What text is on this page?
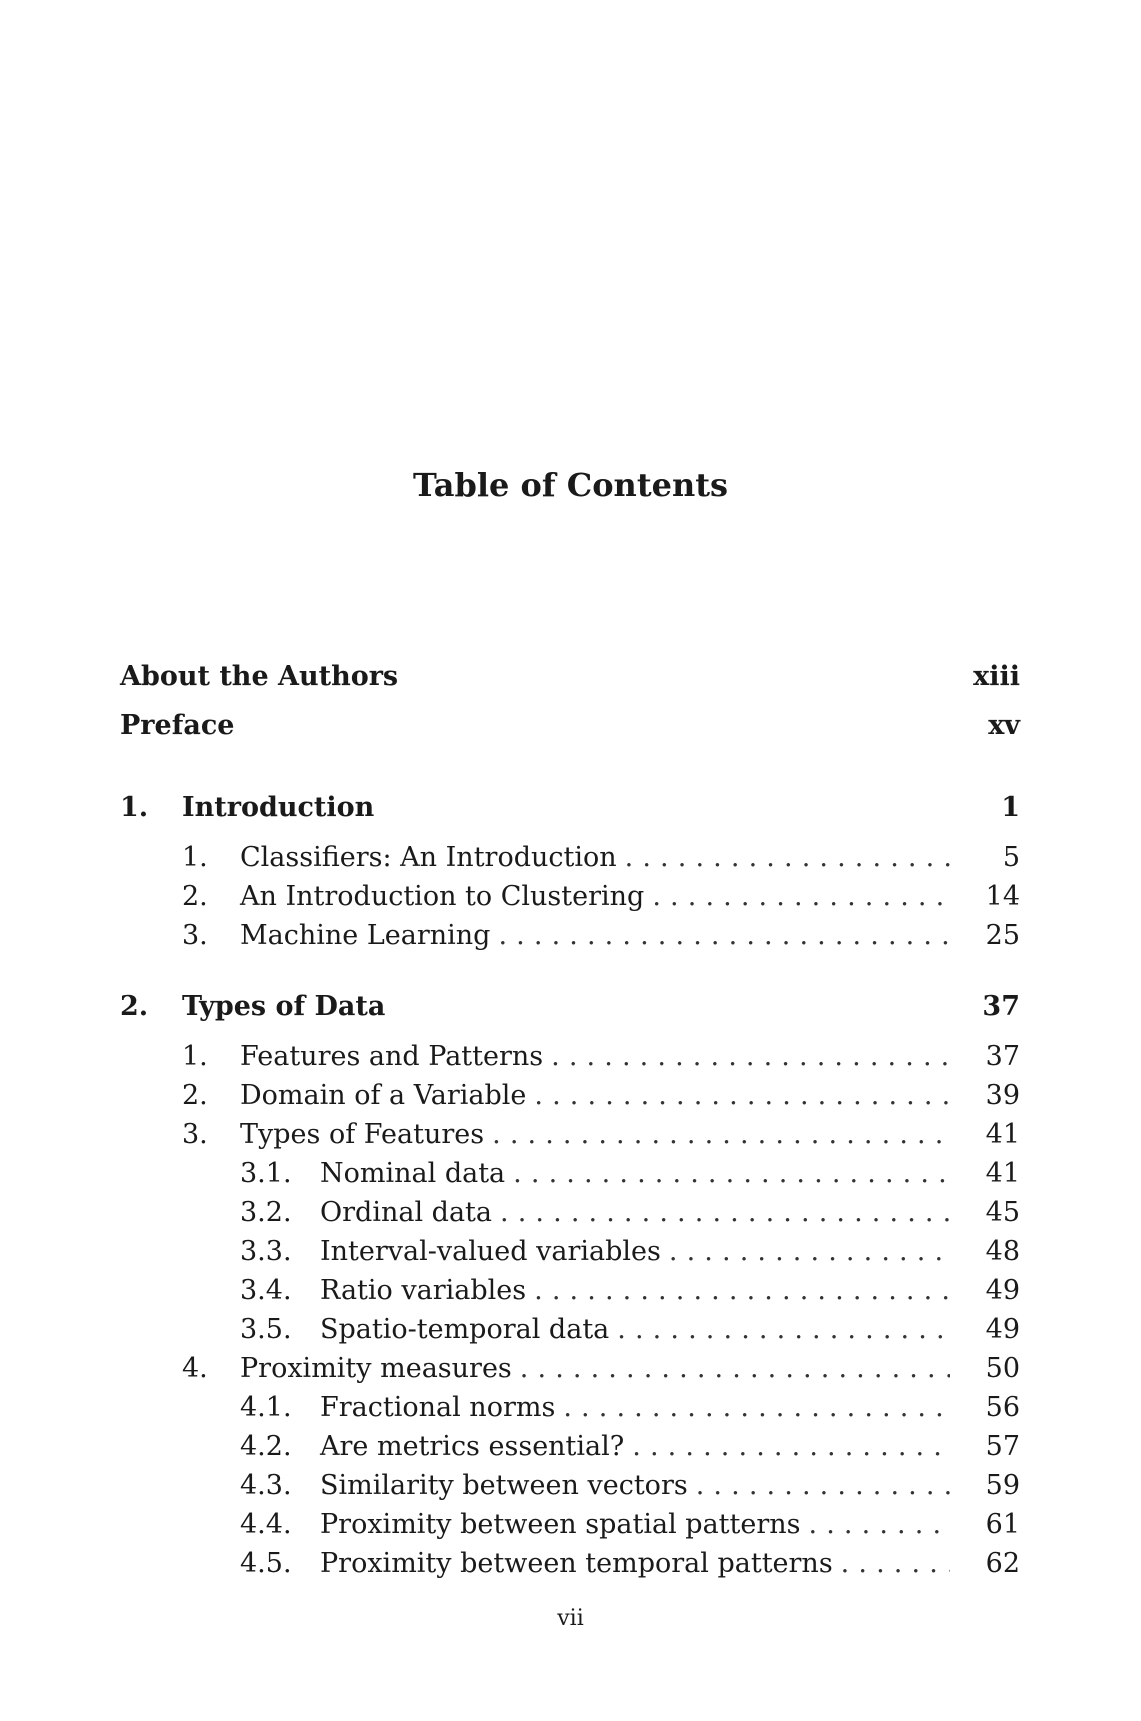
Table of Contents
About the Authors	xiii
Preface	xv
1.	Introduction	1
1.	Classifiers: An Introduction . . .	5
2.	An Introduction to Clustering . . .	14
3.	Machine Learning . . .	25
2.	Types of Data	37
1.	Features and Patterns . . .	37
2.	Domain of a Variable . . .	39
3.	Types of Features . . .	41
3.1.	Nominal data . . .	41
3.2.	Ordinal data . . .	45
3.3.	Interval-valued variables . . .	48
3.4.	Ratio variables . . .	49
3.5.	Spatio-temporal data . . .	49
4.	Proximity measures . . .	50
4.1.	Fractional norms . . .	56
4.2.	Are metrics essential? . . .	57
4.3.	Similarity between vectors . . .	59
4.4.	Proximity between spatial patterns . . .	61
4.5.	Proximity between temporal patterns . . .	62
vii
